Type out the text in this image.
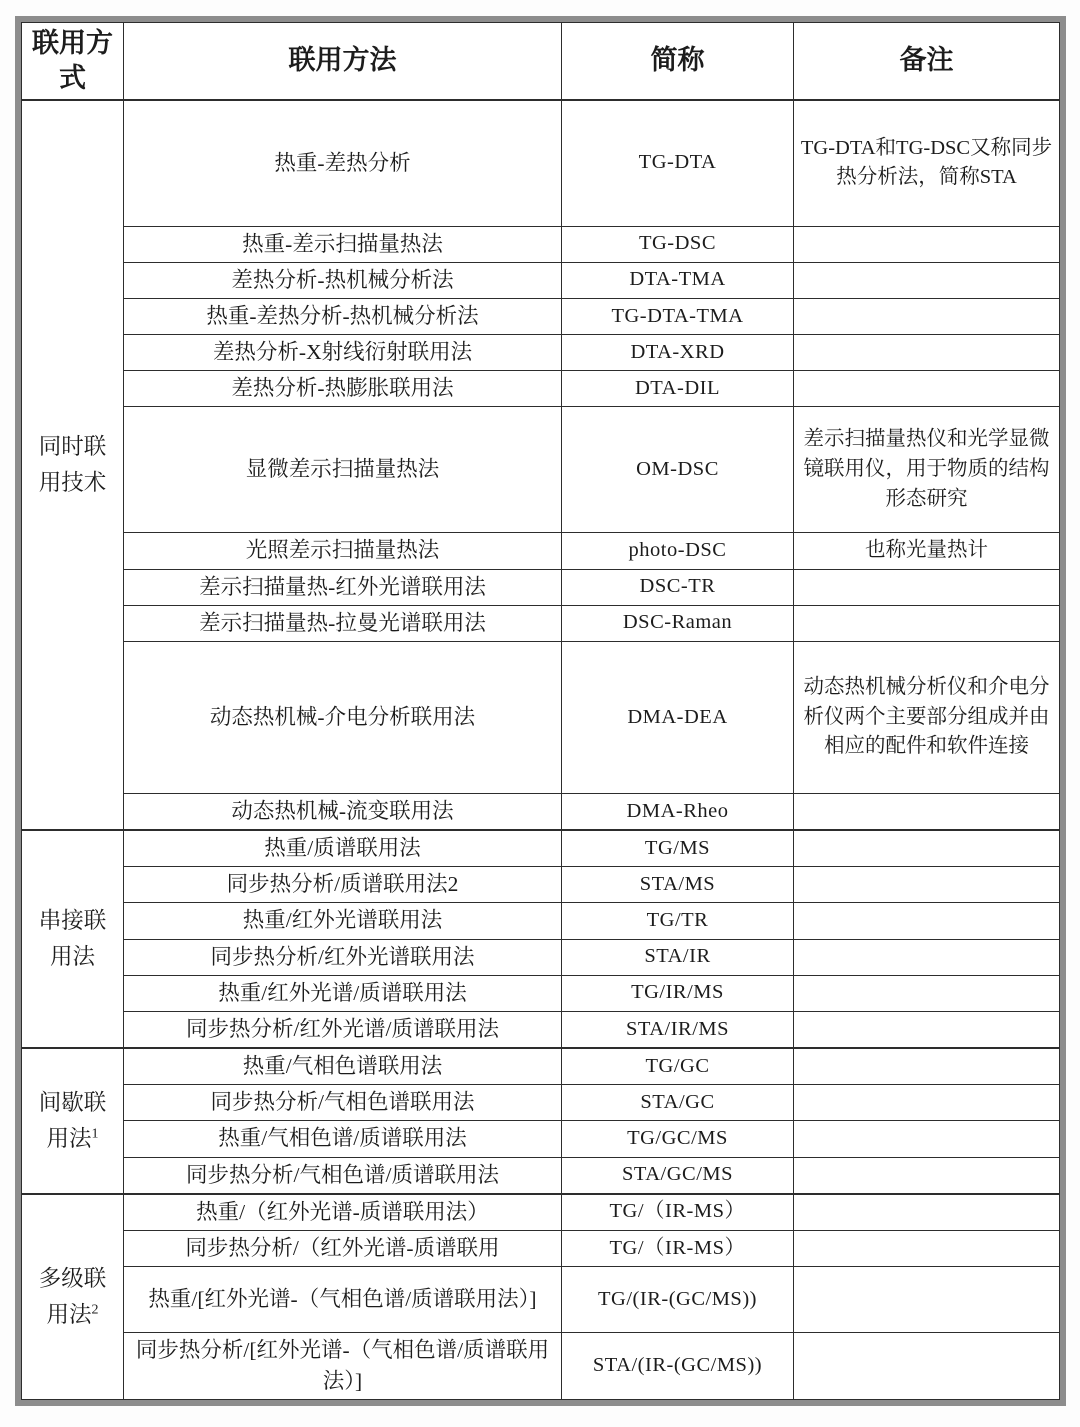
联用方式	联用方法	简称	备注
同时联用技术	热重-差热分析	TG-DTA	TG-DTA和TG-DSC又称同步热分析法，简称STA
	热重-差示扫描量热法	TG-DSC	
	差热分析-热机械分析法	DTA-TMA	
	热重-差热分析-热机械分析法	TG-DTA-TMA	
	差热分析-X射线衍射联用法	DTA-XRD	
	差热分析-热膨胀联用法	DTA-DIL	
	显微差示扫描量热法	OM-DSC	差示扫描量热仪和光学显微镜联用仪，用于物质的结构形态研究
	光照差示扫描量热法	photo-DSC	也称光量热计
	差示扫描量热-红外光谱联用法	DSC-TR	
	差示扫描量热-拉曼光谱联用法	DSC-Raman	
	动态热机械-介电分析联用法	DMA-DEA	动态热机械分析仪和介电分析仪两个主要部分组成并由相应的配件和软件连接
	动态热机械-流变联用法	DMA-Rheo	
串接联用法	热重/质谱联用法	TG/MS	
	同步热分析/质谱联用法2	STA/MS	
	热重/红外光谱联用法	TG/TR	
	同步热分析/红外光谱联用法	STA/IR	
	热重/红外光谱/质谱联用法	TG/IR/MS	
	同步热分析/红外光谱/质谱联用法	STA/IR/MS	
间歇联用法$^1$	热重/气相色谱联用法	TG/GC	
	同步热分析/气相色谱联用法	STA/GC	
	热重/气相色谱/质谱联用法	TG/GC/MS	
	同步热分析/气相色谱/质谱联用法	STA/GC/MS	
多级联用法$^2$	热重/（红外光谱-质谱联用法）	TG/（IR-MS）	
	同步热分析/（红外光谱-质谱联用	TG/（IR-MS）	
	热重/[红外光谱-（气相色谱/质谱联用法）]	TG/(IR-(GC/MS))	
	同步热分析/[红外光谱-（气相色谱/质谱联用法）]	STA/(IR-(GC/MS))	
